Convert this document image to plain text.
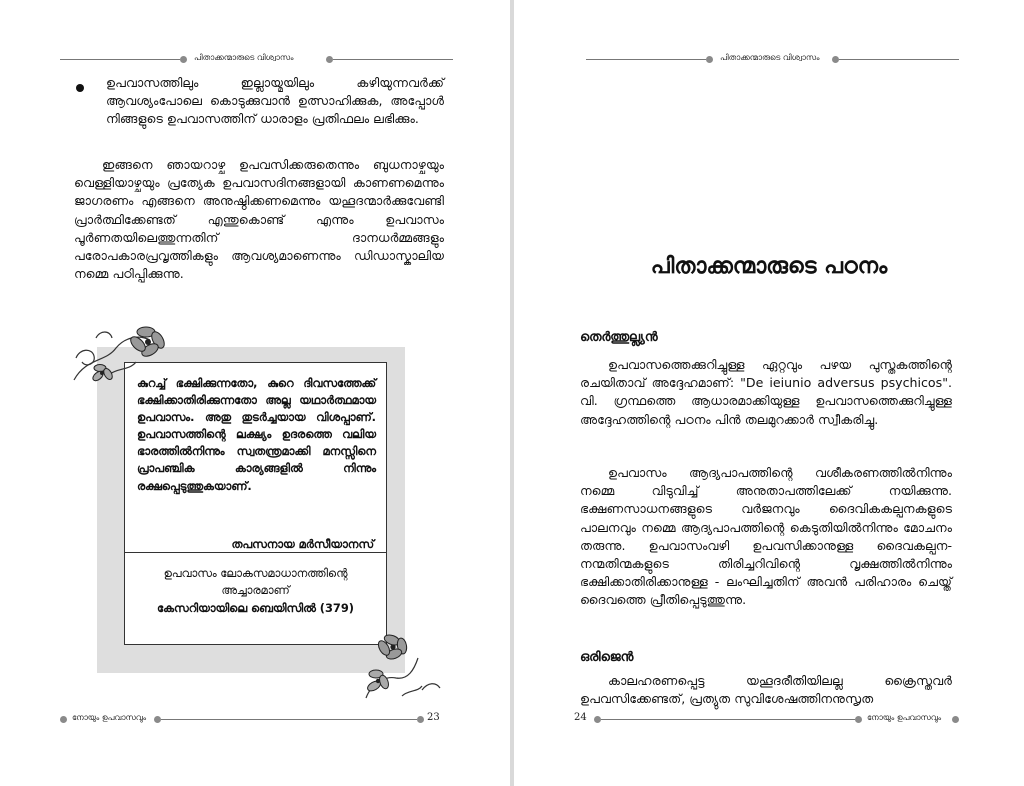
പിതാക്കന്മാരുടെ വിശ്വാസം

ഉപവാസത്തിലും ഇല്ലായ്മയിലും കഴിയുന്നവർക്ക് ആവശ്യംപോലെ കൊടുക്കുവാൻ ഉത്സാഹിക്കുക, അപ്പോൾ നിങ്ങളുടെ ഉപവാസത്തിന് ധാരാളം പ്രതിഫലം ലഭിക്കും.

ഇങ്ങനെ ഞായറാഴ്ച ഉപവസിക്കരുതെന്നും ബുധനാഴ്ചയും വെള്ളിയാഴ്ചയും പ്രത്യേക ഉപവാസദിനങ്ങളായി കാണണമെന്നും ജാഗരണം എങ്ങനെ അനുഷ്ഠിക്കണമെന്നും യഹൂദന്മാർക്കുവേണ്ടി പ്രാർത്ഥിക്കേണ്ടത് എന്തുകൊണ്ട് എന്നും ഉപവാസം പൂർണതയിലെത്തുന്നതിന് ദാനധർമ്മങ്ങളും പരോപകാരപ്രവൃത്തികളും ആവശ്യമാണെന്നും ഡിഡാസ്കാലിയ നമ്മെ പഠിപ്പിക്കുന്നു.

കുറച്ച് ഭക്ഷിക്കുന്നതോ, കുറെ ദിവസത്തേക്ക് ഭക്ഷിക്കാതിരിക്കുന്നതോ അല്ല യഥാർത്ഥമായ ഉപവാസം. അതു തുടർച്ചയായ വിശപ്പാണ്. ഉപവാസത്തിന്റെ ലക്ഷ്യം ഉദരത്തെ വലിയ ഭാരത്തിൽനിന്നും സ്വതന്ത്രമാക്കി മനസ്സിനെ പ്രാപഞ്ചിക കാര്യങ്ങളിൽ നിന്നും രക്ഷപ്പെടുത്തുകയാണ്.

തപസനായ മർസീയാനസ്

ഉപവാസം ലോകസമാധാനത്തിന്റെ അച്ചാരമാണ്

കേസറിയായിലെ ബെയിസിൽ (379)
നോയും ഉപവാസവും	23
പിതാക്കന്മാരുടെ വിശ്വാസം
പിതാക്കന്മാരുടെ പഠനം
തെർത്തുല്ല്യൻ

ഉപവാസത്തെക്കുറിച്ചുള്ള ഏറ്റവും പഴയ പുസ്തകത്തിന്റെ രചയിതാവ് അദ്ദേഹമാണ്: "De ieiunio adversus psychicos". വി. ഗ്രന്ഥത്തെ ആധാരമാക്കിയുള്ള ഉപവാസത്തെക്കുറിച്ചുള്ള അദ്ദേഹത്തിന്റെ പഠനം പിൻ തലമുറക്കാർ സ്വീകരിച്ചു.

ഉപവാസം ആദ്യപാപത്തിന്റെ വശീകരണത്തിൽനിന്നും നമ്മെ വിടുവിച്ച് അനുതാപത്തിലേക്ക് നയിക്കുന്നു. ഭക്ഷണസാധനങ്ങളുടെ വർജനവും ദൈവികകല്പനകളുടെ പാലനവും നമ്മെ ആദ്യപാപത്തിന്റെ കെടുതിയിൽനിന്നും മോചനം തരുന്നു. ഉപവാസംവഴി ഉപവസിക്കാനുള്ള ദൈവകല്പന- നന്മതിന്മകളുടെ തിരിച്ചറിവിന്റെ വൃക്ഷത്തിൽനിന്നും ഭക്ഷിക്കാതിരിക്കാനുള്ള - ലംഘിച്ചതിന് അവൻ പരിഹാരം ചെയ്ത് ദൈവത്തെ പ്രീതിപ്പെടുത്തുന്നു.

ഒരിജെൻ

കാലഹരണപ്പെട്ട യഹൂദരീതിയിലല്ല ക്രൈസ്തവർ ഉപവസിക്കേണ്ടത്, പ്രത്യുത സുവിശേഷത്തിനനുസൃത

24	നോയും ഉപവാസവും
